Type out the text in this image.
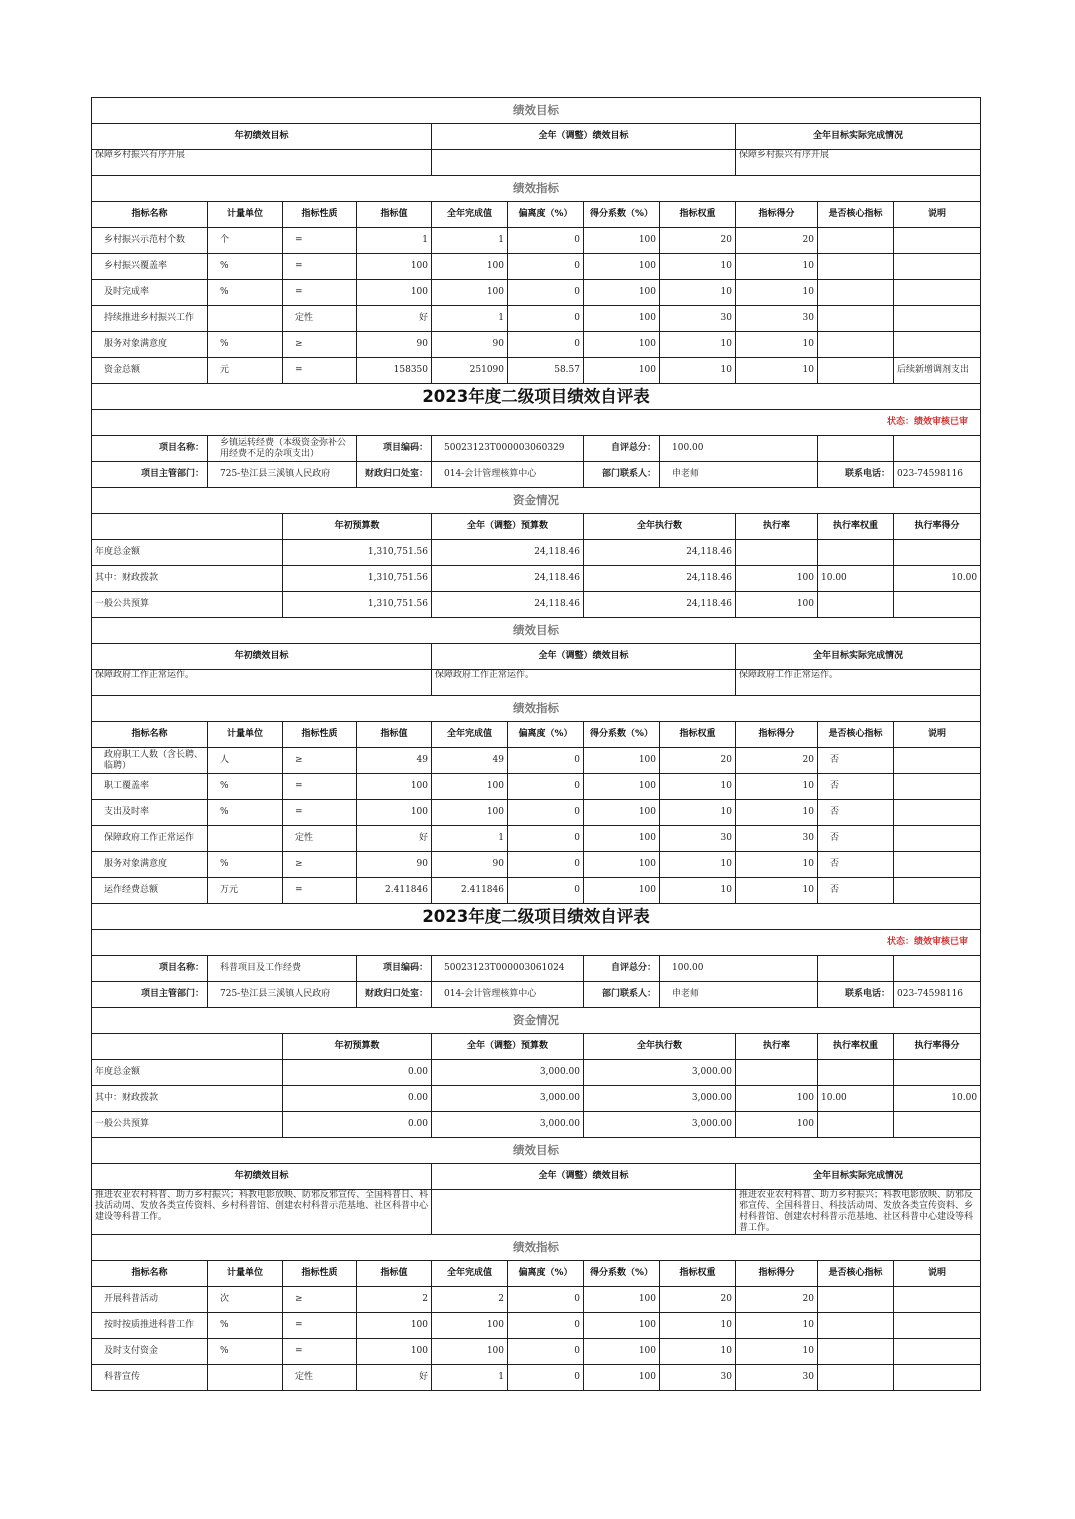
绩效目标										
年初绩效目标				全年（调整）绩效目标				全年目标实际完成情况		
保障乡村振兴有序开展								保障乡村振兴有序开展		
绩效指标										
指标名称	计量单位	指标性质	指标值	全年完成值	偏离度（%）	得分系数（%）	指标权重	指标得分	是否核心指标	说明
乡村振兴示范村个数	个	=	1	1	0	100	20	20		
乡村振兴覆盖率	%	=	100	100	0	100	10	10		
及时完成率	%	=	100	100	0	100	10	10		
持续推进乡村振兴工作		定性	好	1	0	100	30	30		
服务对象满意度	%	≥	90	90	0	100	10	10		
资金总额	元	=	158350	251090	58.57	100	10	10		后续新增调剂支出
2023年度二级项目绩效自评表										
状态：绩效审核已审										
项目名称：	乡镇运转经费（本级资金弥补公用经费不足的杂项支出）		项目编码：	50023123T000003060329		自评总分：	100.00			
项目主管部门：	725-垫江县三溪镇人民政府		财政归口处室：	014-会计管理核算中心		部门联系人：	申老师		联系电话：	023-74598116
资金情况										
		年初预算数		全年（调整）预算数		全年执行数		执行率	执行率权重	执行率得分
年度总金额		1,310,751.56		24,118.46		24,118.46				
其中：财政拨款		1,310,751.56		24,118.46		24,118.46		100	10.00	10.00
一般公共预算		1,310,751.56		24,118.46		24,118.46		100		
绩效目标										
年初绩效目标				全年（调整）绩效目标				全年目标实际完成情况		
保障政府工作正常运作。				保障政府工作正常运作。				保障政府工作正常运作。		
绩效指标										
指标名称	计量单位	指标性质	指标值	全年完成值	偏离度（%）	得分系数（%）	指标权重	指标得分	是否核心指标	说明
政府职工人数（含长聘、临聘）	人	≥	49	49	0	100	20	20	否	
职工覆盖率	%	=	100	100	0	100	10	10	否	
支出及时率	%	=	100	100	0	100	10	10	否	
保障政府工作正常运作		定性	好	1	0	100	30	30	否	
服务对象满意度	%	≥	90	90	0	100	10	10	否	
运作经费总额	万元	=	2.411846	2.411846	0	100	10	10	否	
2023年度二级项目绩效自评表										
状态：绩效审核已审										
项目名称：	科普项目及工作经费		项目编码：	50023123T000003061024		自评总分：	100.00			
项目主管部门：	725-垫江县三溪镇人民政府		财政归口处室：	014-会计管理核算中心		部门联系人：	申老师		联系电话：	023-74598116
资金情况										
		年初预算数		全年（调整）预算数		全年执行数		执行率	执行率权重	执行率得分
年度总金额		0.00		3,000.00		3,000.00				
其中：财政拨款		0.00		3,000.00		3,000.00		100	10.00	10.00
一般公共预算		0.00		3,000.00		3,000.00		100		
绩效目标										
年初绩效目标				全年（调整）绩效目标				全年目标实际完成情况		
推进农业农村科普、助力乡村振兴；科教电影放映、防邪反邪宣传、全国科普日、科技活动周、发放各类宣传资料、乡村科普馆、创建农村科普示范基地、社区科普中心建设等科普工作。								推进农业农村科普、助力乡村振兴；科教电影放映、防邪反邪宣传、全国科普日、科技活动周、发放各类宣传资料、乡村科普馆、创建农村科普示范基地、社区科普中心建设等科普工作。		
绩效指标										
指标名称	计量单位	指标性质	指标值	全年完成值	偏离度（%）	得分系数（%）	指标权重	指标得分	是否核心指标	说明
开展科普活动	次	≥	2	2	0	100	20	20		
按时按质推进科普工作	%	=	100	100	0	100	10	10		
及时支付资金	%	=	100	100	0	100	10	10		
科普宣传		定性	好	1	0	100	30	30		
